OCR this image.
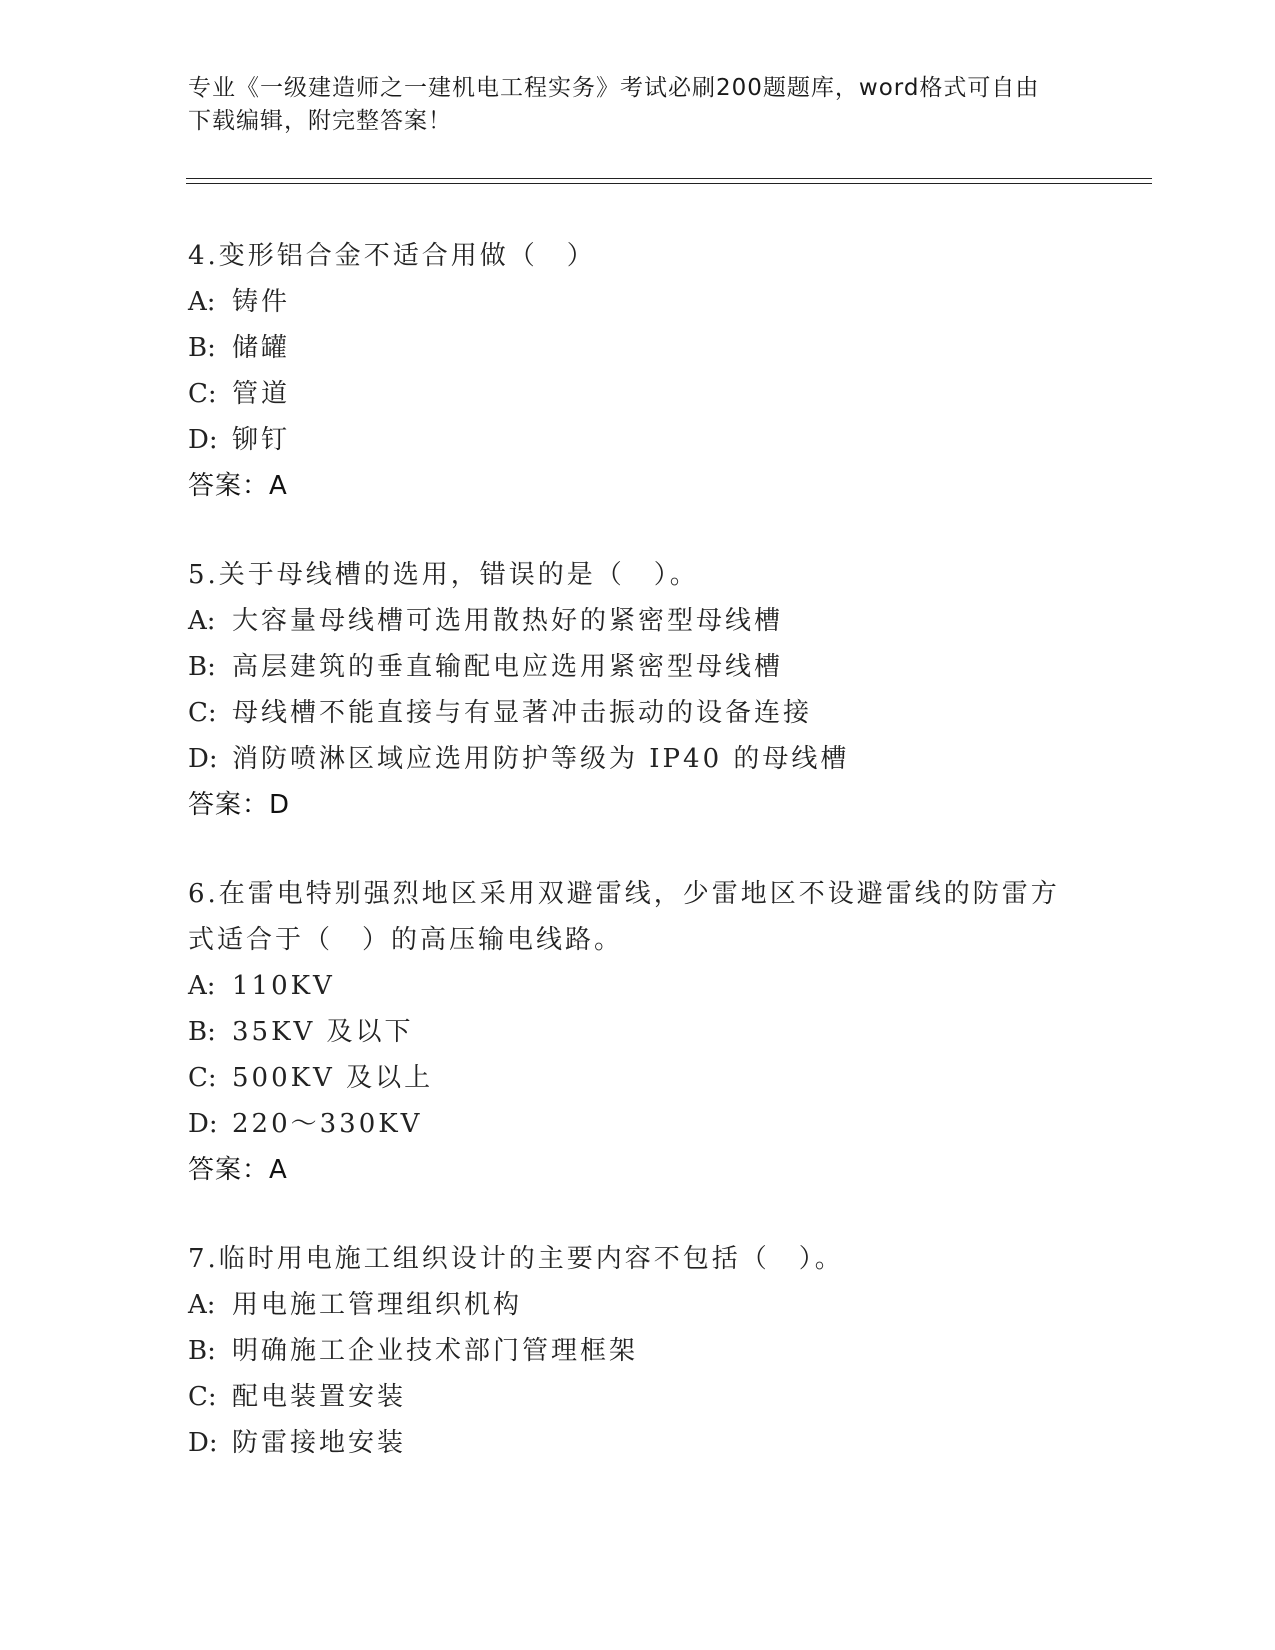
专业《一级建造师之一建机电工程实务》考试必刷200题题库，word格式可自由
下载编辑，附完整答案！
4.变形铝合金不适合用做（　）
A: 铸件
B: 储罐
C: 管道
D: 铆钉
答案：A
5.关于母线槽的选用，错误的是（　）。
A: 大容量母线槽可选用散热好的紧密型母线槽
B: 高层建筑的垂直输配电应选用紧密型母线槽
C: 母线槽不能直接与有显著冲击振动的设备连接
D: 消防喷淋区域应选用防护等级为 IP40 的母线槽
答案：D
6.在雷电特别强烈地区采用双避雷线，少雷地区不设避雷线的防雷方
式适合于（　）的高压输电线路。
A: 110KV
B: 35KV 及以下
C: 500KV 及以上
D: 220～330KV
答案：A
7.临时用电施工组织设计的主要内容不包括（　）。
A: 用电施工管理组织机构
B: 明确施工企业技术部门管理框架
C: 配电装置安装
D: 防雷接地安装
